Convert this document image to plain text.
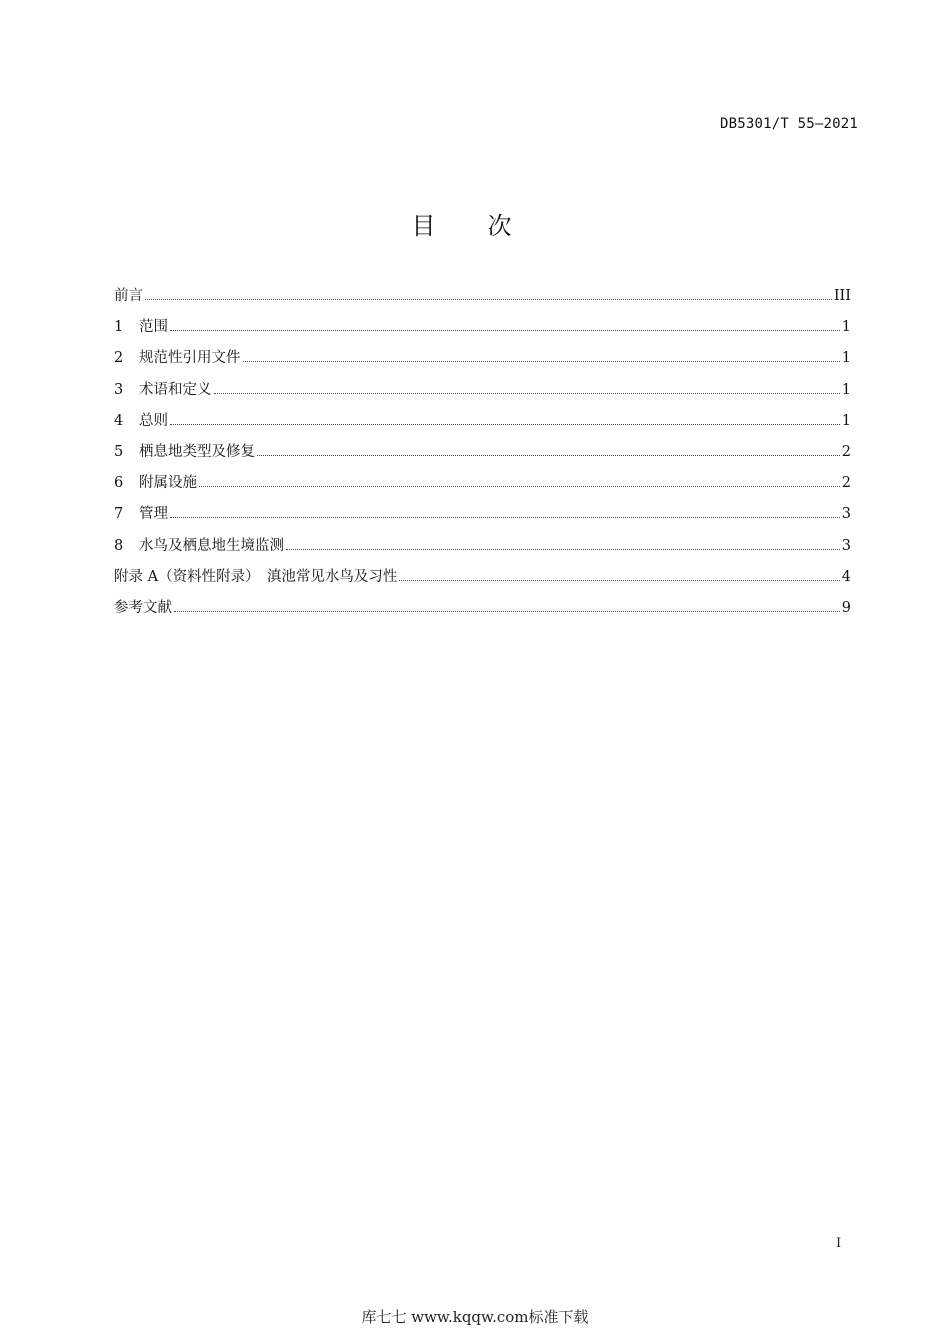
DB5301/T 55—2021
目次
前言	III
1	范围	1
2	规范性引用文件	1
3	术语和定义	1
4	总则	1
5	栖息地类型及修复	2
6	附属设施	2
7	管理	3
8	水鸟及栖息地生境监测	3
附录 A（资料性附录）　滇池常见水鸟及习性	4
参考文献	9
I
库七七 www.kqqw.com标准下载
